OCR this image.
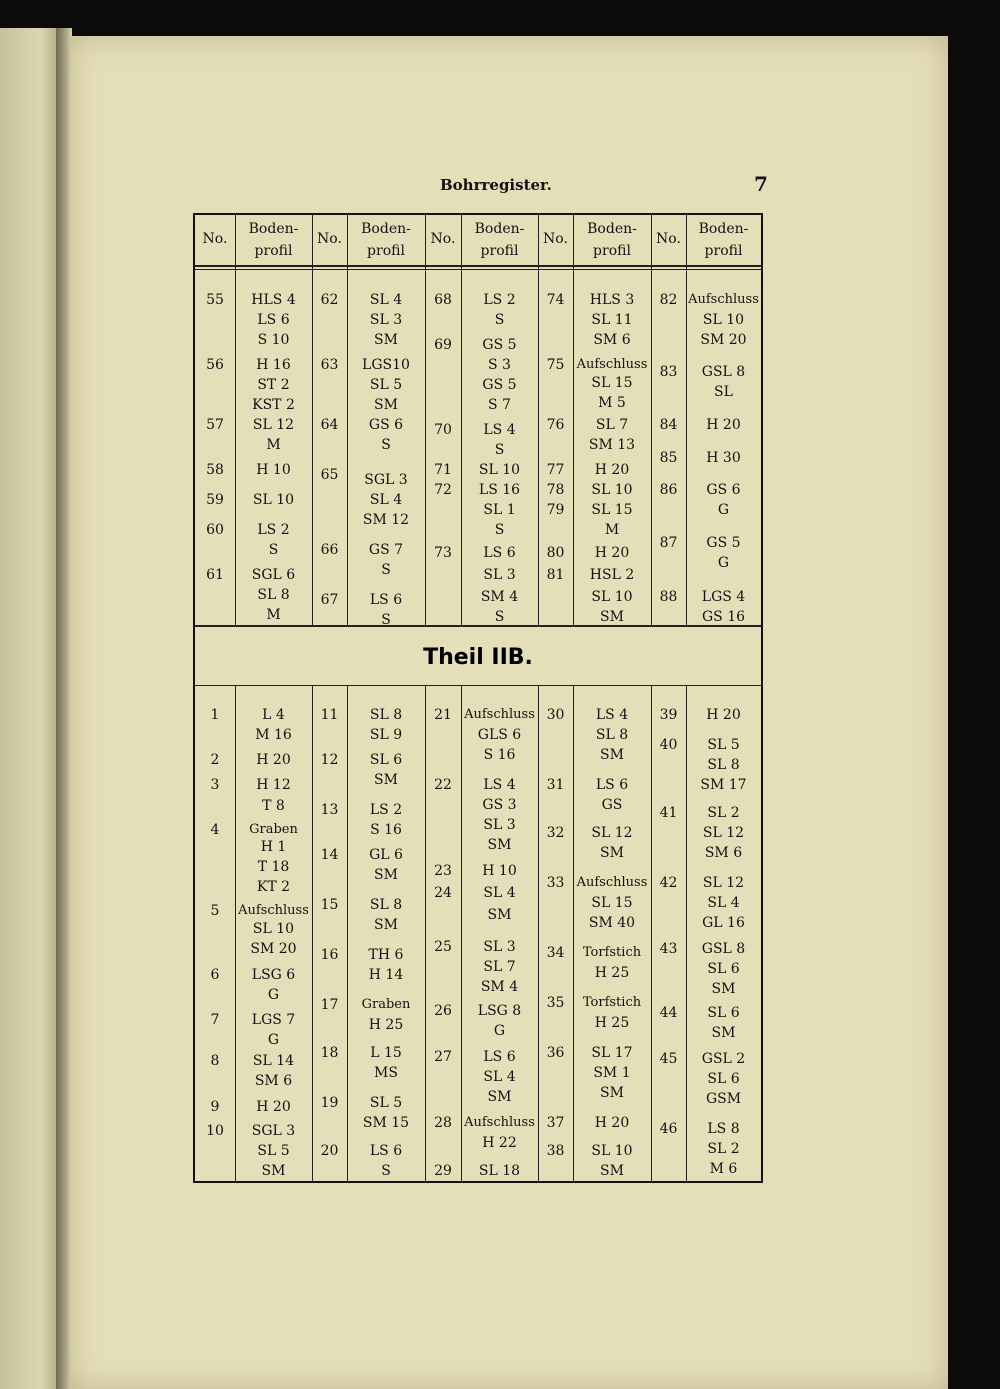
Bohrregister.	7
Theil IIB.
No.
Boden-
profil
No.
Boden-
profil
No.
Boden-
profil
No.
Boden-
profil
No.
Boden-
profil
55
56
57
58
59
60
61
HLS 4
LS 6
S 10
H 16
ST 2
KST 2
SL 12
M
H 10
SL 10
LS 2
S
SGL 6
SL 8
M
62
63
64
65
66
67
SL 4
SL 3
SM
LGS10
SL 5
SM
GS 6
S
SGL 3
SL 4
SM 12
GS 7
S
LS 6
S
68
69
70
71
72
73
LS 2
S
GS 5
S 3
GS 5
S 7
LS 4
S
SL 10
LS 16
SL 1
S
LS 6
SL 3
SM 4
S
74
75
76
77
78
79
80
81
HLS 3
SL 11
SM 6
Aufschluss
SL 15
M 5
SL 7
SM 13
H 20
SL 10
SL 15
M
H 20
HSL 2
SL 10
SM
82
83
84
85
86
87
88
Aufschluss
SL 10
SM 20
GSL 8
SL
H 20
H 30
GS 6
G
GS 5
G
LGS 4
GS 16
1
2
3
4
5
6
7
8
9
10
L 4
M 16
H 20
H 12
T 8
Graben
H 1
T 18
KT 2
Aufschluss
SL 10
SM 20
LSG 6
G
LGS 7
G
SL 14
SM 6
H 20
SGL 3
SL 5
SM
11
12
13
14
15
16
17
18
19
20
SL 8
SL 9
SL 6
SM
LS 2
S 16
GL 6
SM
SL 8
SM
TH 6
H 14
Graben
H 25
L 15
MS
SL 5
SM 15
LS 6
S
21
22
23
24
25
26
27
28
29
Aufschluss
GLS 6
S 16
LS 4
GS 3
SL 3
SM
H 10
SL 4
SM
SL 3
SL 7
SM 4
LSG 8
G
LS 6
SL 4
SM
Aufschluss
H 22
SL 18
30
31
32
33
34
35
36
37
38
LS 4
SL 8
SM
LS 6
GS
SL 12
SM
Aufschluss
SL 15
SM 40
Torfstich
H 25
Torfstich
H 25
SL 17
SM 1
SM
H 20
SL 10
SM
39
40
41
42
43
44
45
46
H 20
SL 5
SL 8
SM 17
SL 2
SL 12
SM 6
SL 12
SL 4
GL 16
GSL 8
SL 6
SM
SL 6
SM
GSL 2
SL 6
GSM
LS 8
SL 2
M 6
